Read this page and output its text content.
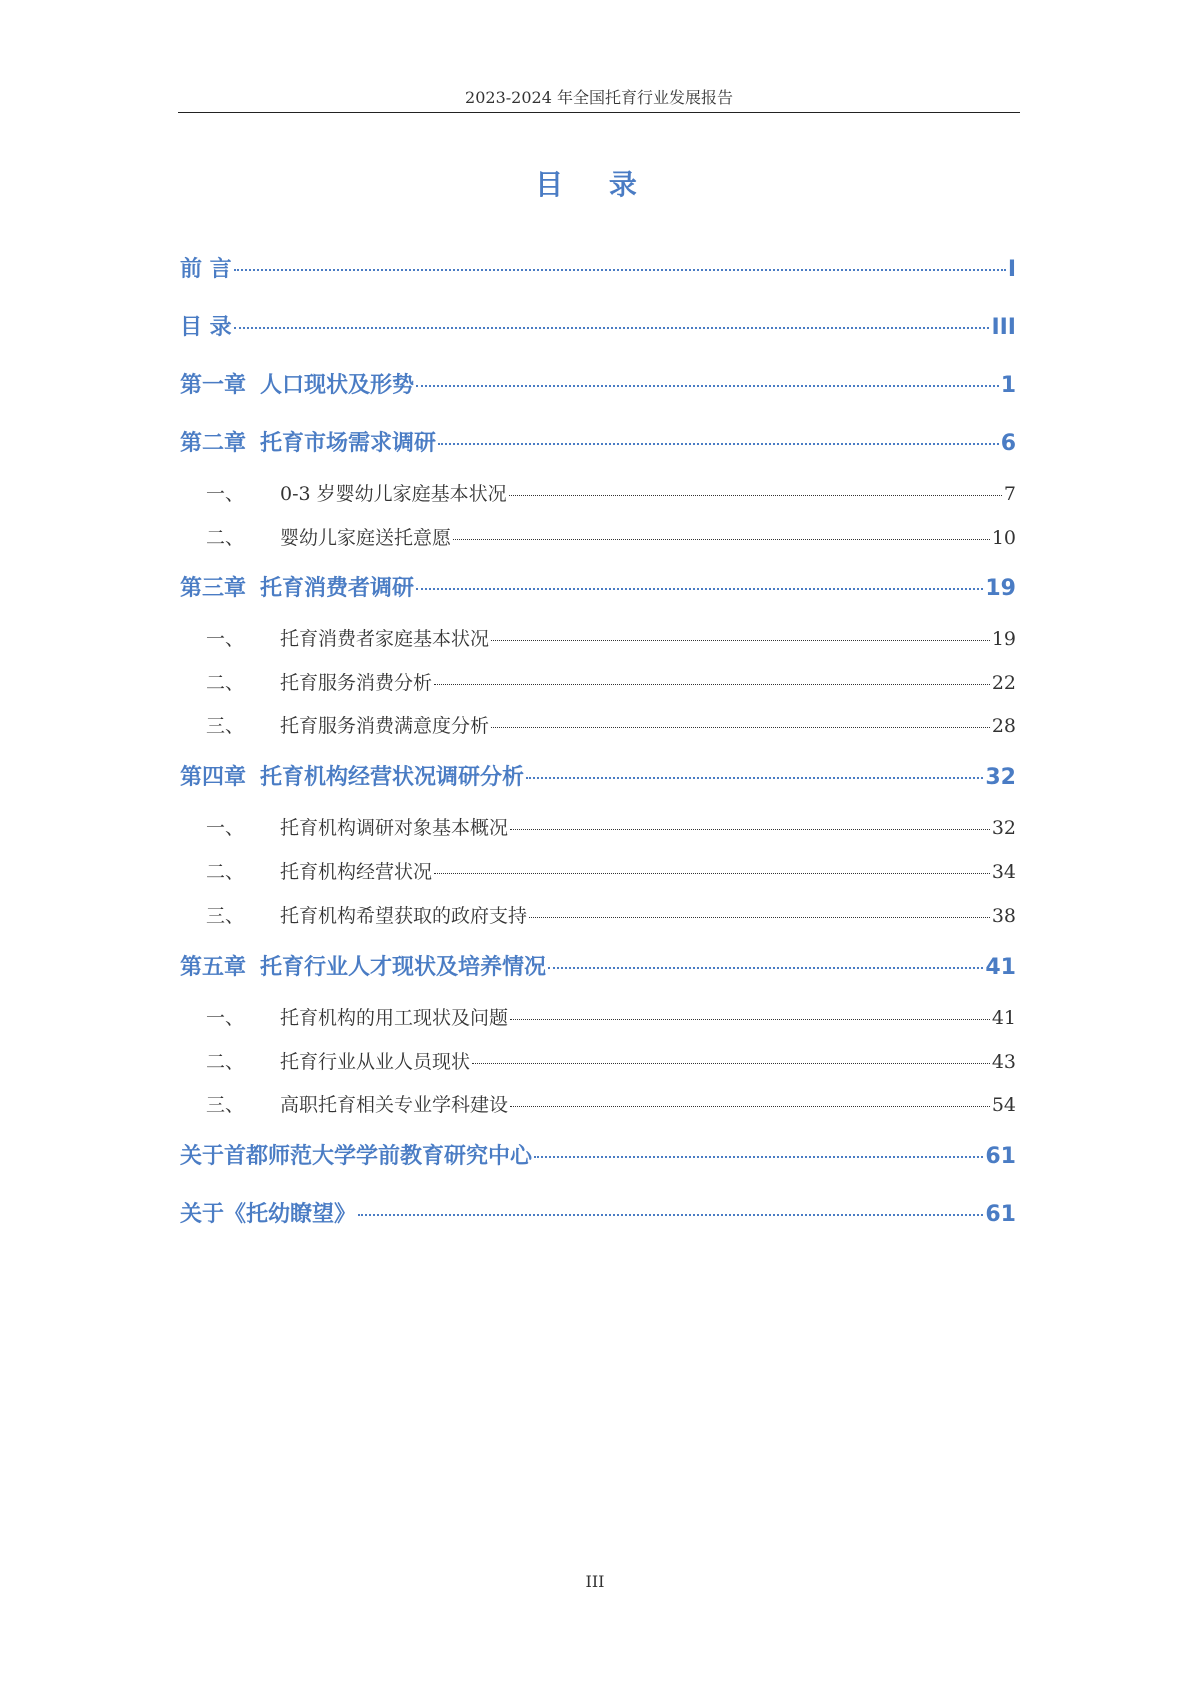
2023-2024 年全国托育行业发展报告
目 录
前 言	I
目 录	III
第一章 人口现状及形势	1
第二章 托育市场需求调研	6
一、	0-3 岁婴幼儿家庭基本状况	7
二、	婴幼儿家庭送托意愿	10
第三章 托育消费者调研	19
一、	托育消费者家庭基本状况	19
二、	托育服务消费分析	22
三、	托育服务消费满意度分析	28
第四章 托育机构经营状况调研分析	32
一、	托育机构调研对象基本概况	32
二、	托育机构经营状况	34
三、	托育机构希望获取的政府支持	38
第五章 托育行业人才现状及培养情况	41
一、	托育机构的用工现状及问题	41
二、	托育行业从业人员现状	43
三、	高职托育相关专业学科建设	54
关于首都师范大学学前教育研究中心	61
关于《托幼瞭望》	61
III
